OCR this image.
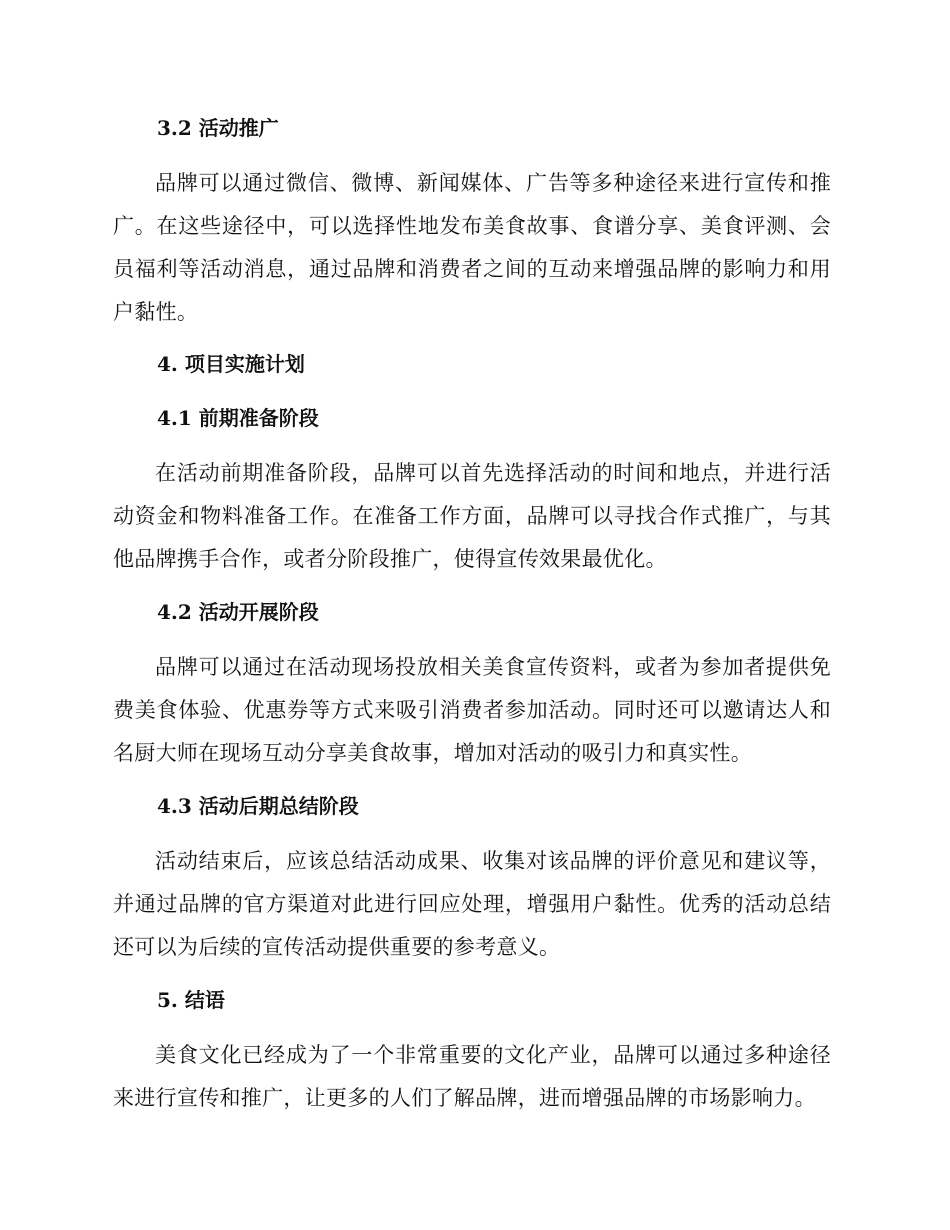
3.2 活动推广

品牌可以通过微信、微博、新闻媒体、广告等多种途径来进行宣传和推广。在这些途径中，可以选择性地发布美食故事、食谱分享、美食评测、会员福利等活动消息，通过品牌和消费者之间的互动来增强品牌的影响力和用户黏性。

4. 项目实施计划
4.1 前期准备阶段

在活动前期准备阶段，品牌可以首先选择活动的时间和地点，并进行活动资金和物料准备工作。在准备工作方面，品牌可以寻找合作式推广，与其他品牌携手合作，或者分阶段推广，使得宣传效果最优化。

4.2 活动开展阶段

品牌可以通过在活动现场投放相关美食宣传资料，或者为参加者提供免费美食体验、优惠券等方式来吸引消费者参加活动。同时还可以邀请达人和名厨大师在现场互动分享美食故事，增加对活动的吸引力和真实性。

4.3 活动后期总结阶段

活动结束后，应该总结活动成果、收集对该品牌的评价意见和建议等，并通过品牌的官方渠道对此进行回应处理，增强用户黏性。优秀的活动总结还可以为后续的宣传活动提供重要的参考意义。

5. 结语

美食文化已经成为了一个非常重要的文化产业，品牌可以通过多种途径来进行宣传和推广，让更多的人们了解品牌，进而增强品牌的市场影响力。
